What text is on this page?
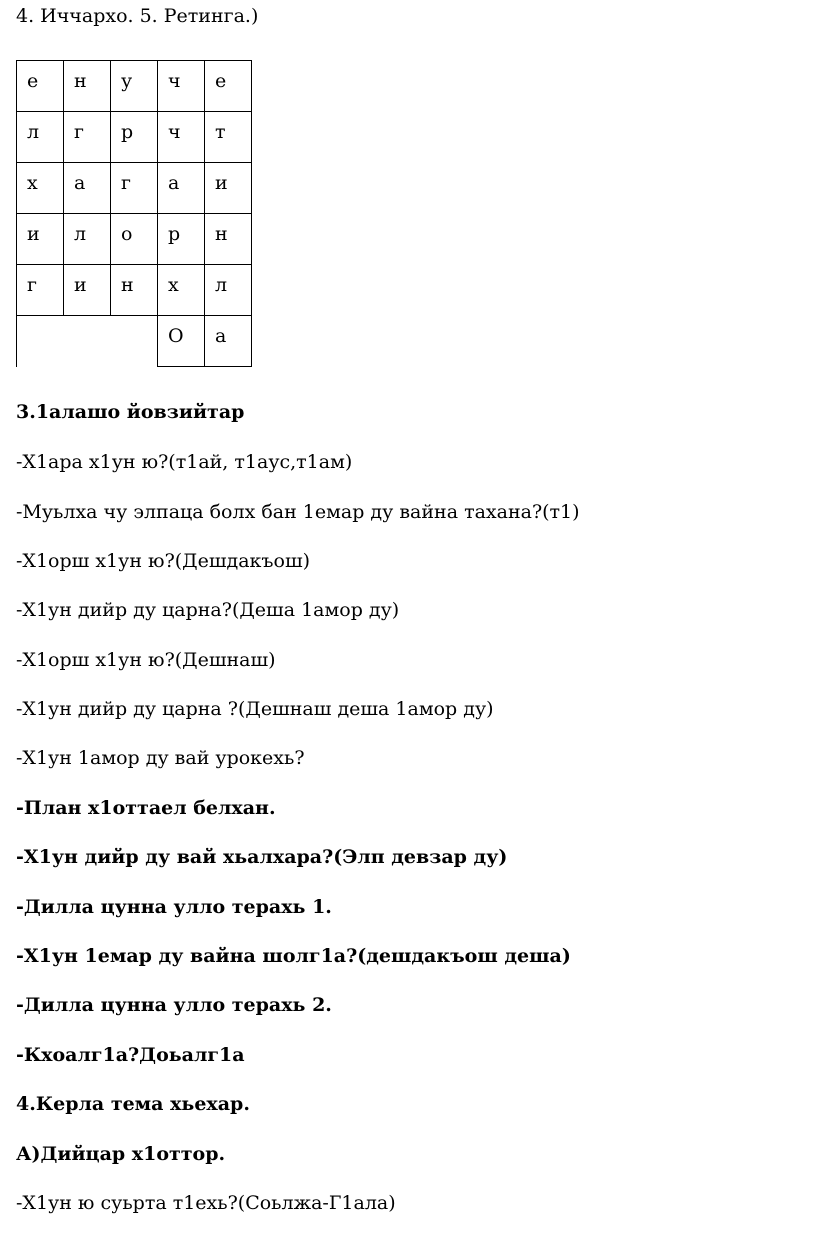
4. Иччархо. 5. Ретинга.)

е	н	у	ч	е
л	г	р	ч	т
х	а	г	а	и
и	л	о	р	н
г	и	н	х	л
			О	а

3.1алашо йовзийтар

-Х1ара х1ун ю?(т1ай, т1аус,т1ам)

-Муьлха чу элпаца болх бан 1емар ду вайна тахана?(т1)

-Х1орш х1ун ю?(Дешдакъош)

-Х1ун дийр ду царна?(Деша 1амор ду)

-Х1орш х1ун ю?(Дешнаш)

-Х1ун дийр ду царна ?(Дешнаш деша 1амор ду)

-Х1ун 1амор ду вай урокехь?

-План х1оттаел белхан.

-Х1ун дийр ду вай хьалхара?(Элп девзар ду)

-Дилла цунна улло терахь 1.

-Х1ун 1емар ду вайна шолг1а?(дешдакъош деша)

-Дилла цунна улло терахь 2.

-Кхоалг1а?Доьалг1а

4.Керла тема хьехар.

А)Дийцар х1оттор.

-Х1ун ю суьрта т1ехь?(Соьлжа-Г1ала)
